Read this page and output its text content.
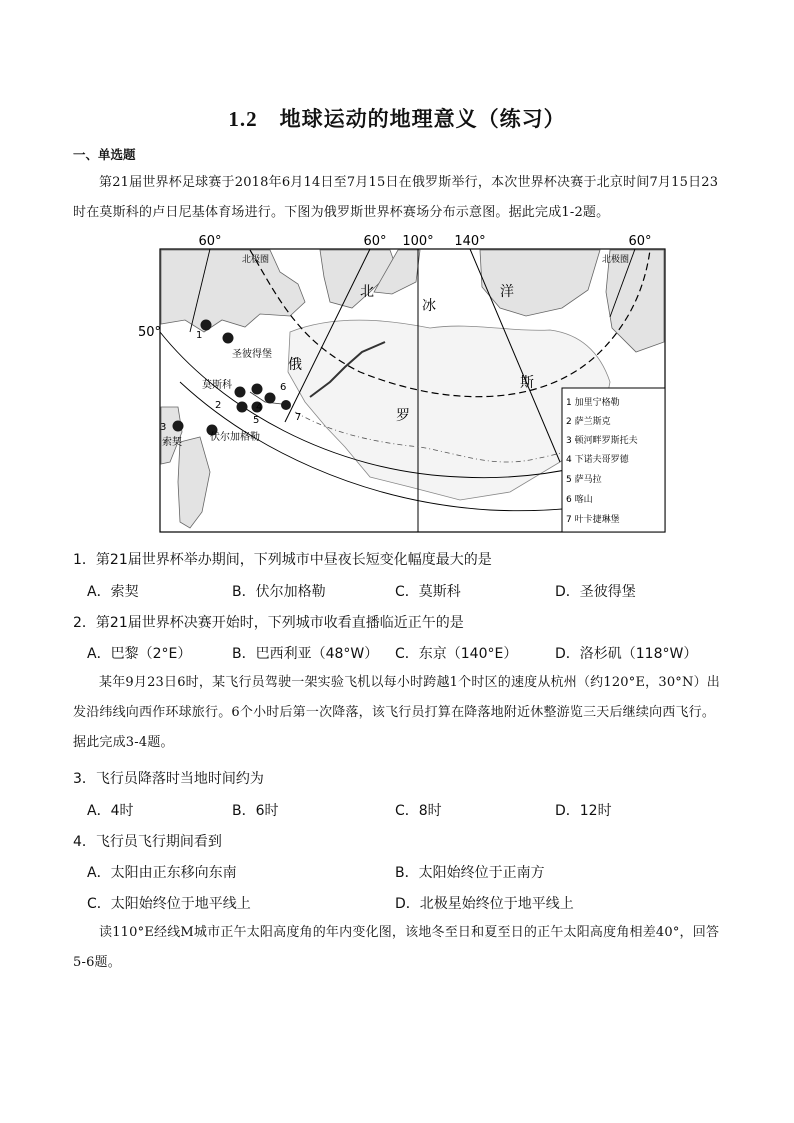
1.2 地球运动的地理意义（练习）
一、单选题
第21届世界杯足球赛于2018年6月14日至7月15日在俄罗斯举行，本次世界杯决赛于北京时间7月15日23时在莫斯科的卢日尼基体育场进行。下图为俄罗斯世界杯赛场分布示意图。据此完成1-2题。
60°	60° 100° 140°	60°
50°
北极圈	北极圈
北
冰
洋
俄
罗
斯
圣彼得堡
莫斯科
伏尔加格勒
索契
1
2
3
4
5
6
7
1 加里宁格勒
2 萨兰斯克
3 顿河畔罗斯托夫
4 下诺夫哥罗德
5 萨马拉
6 喀山
7 叶卡捷琳堡
1．第21届世界杯举办期间，下列城市中昼夜长短变化幅度最大的是
A．索契	B．伏尔加格勒	C．莫斯科	D．圣彼得堡
2．第21届世界杯决赛开始时，下列城市收看直播临近正午的是
A．巴黎（2°E）	B．巴西利亚（48°W） C．东京（140°E）	D．洛杉矶（118°W）
某年9月23日6时，某飞行员驾驶一架实验飞机以每小时跨越1个时区的速度从杭州（约120°E，30°N）出发沿纬线向西作环球旅行。6个小时后第一次降落，该飞行员打算在降落地附近休整游览三天后继续向西飞行。据此完成3-4题。
3．飞行员降落时当地时间约为
A．4时	B．6时	C．8时	D．12时
4．飞行员飞行期间看到
A．太阳由正东移向东南	B．太阳始终位于正南方
C．太阳始终位于地平线上	D．北极星始终位于地平线上
读110°E经线M城市正午太阳高度角的年内变化图，该地冬至日和夏至日的正午太阳高度角相差40°，回答5-6题。
